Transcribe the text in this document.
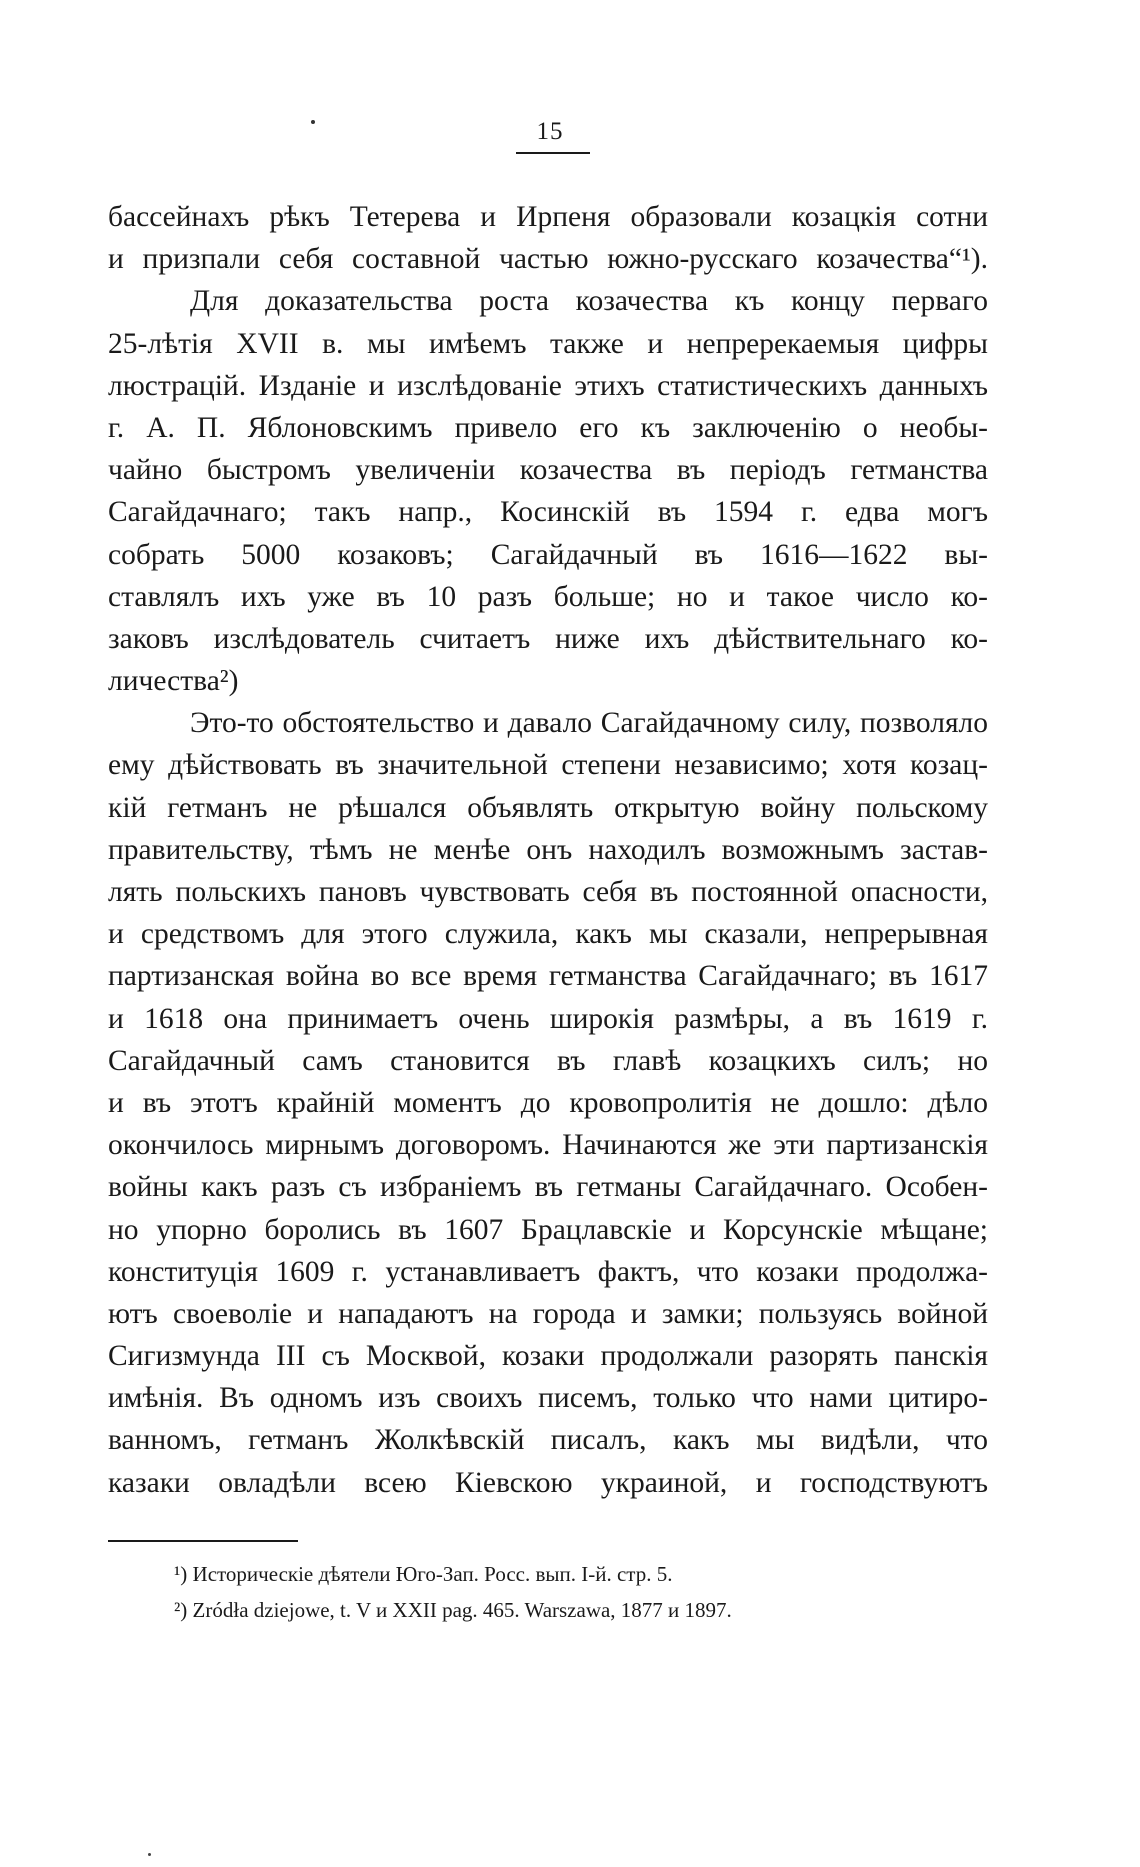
15
бассейнахъ рѣкъ Тетерева и Ирпеня образовали козацкія сотни
и призпали себя составной частью южно-русскаго козачества“¹).
Для доказательства роста козачества къ концу перваго
25-лѣтія XVII в. мы имѣемъ также и непререкаемыя цифры
люстрацій. Изданіе и изслѣдованіе этихъ статистическихъ данныхъ
г. А. П. Яблоновскимъ привело его къ заключенію о необы-
чайно быстромъ увеличеніи козачества въ періодъ гетманства
Сагайдачнаго; такъ напр., Косинскій въ 1594 г. едва могъ
собрать 5000 козаковъ; Сагайдачный въ 1616—1622 вы-
ставлялъ ихъ уже въ 10 разъ больше; но и такое число ко-
заковъ изслѣдователь считаетъ ниже ихъ дѣйствительнаго ко-
личества²)
Это-то обстоятельство и давало Сагайдачному силу, позволяло
ему дѣйствовать въ значительной степени независимо; хотя козац-
кій гетманъ не рѣшался объявлять открытую войну польскому
правительству, тѣмъ не менѣе онъ находилъ возможнымъ застав-
лять польскихъ пановъ чувствовать себя въ постоянной опасности,
и средствомъ для этого служила, какъ мы сказали, непрерывная
партизанская война во все время гетманства Сагайдачнаго; въ 1617
и 1618 она принимаетъ очень широкія размѣры, а въ 1619 г.
Сагайдачный самъ становится въ главѣ козацкихъ силъ; но
и въ этотъ крайній моментъ до кровопролитія не дошло: дѣло
окончилось мирнымъ договоромъ. Начинаются же эти партизанскія
войны какъ разъ съ избраніемъ въ гетманы Сагайдачнаго. Особен-
но упорно боролись въ 1607 Брацлавскіе и Корсунскіе мѣщане;
конституція 1609 г. устанавливаетъ фактъ, что козаки продолжа-
ютъ своеволіе и нападаютъ на города и замки; пользуясь войной
Сигизмунда III съ Москвой, козаки продолжали разорять панскія
имѣнія. Въ одномъ изъ своихъ писемъ, только что нами цитиро-
ванномъ, гетманъ Жолкѣвскій писалъ, какъ мы видѣли, что
казаки овладѣли всею Кіевскою украиной, и господствуютъ
¹) Историческіе дѣятели Юго-Зап. Росс. вып. І-й. стр. 5.
²) Zródła dziejowe, t. V и XXII pag. 465. Warszawa, 1877 и 1897.
